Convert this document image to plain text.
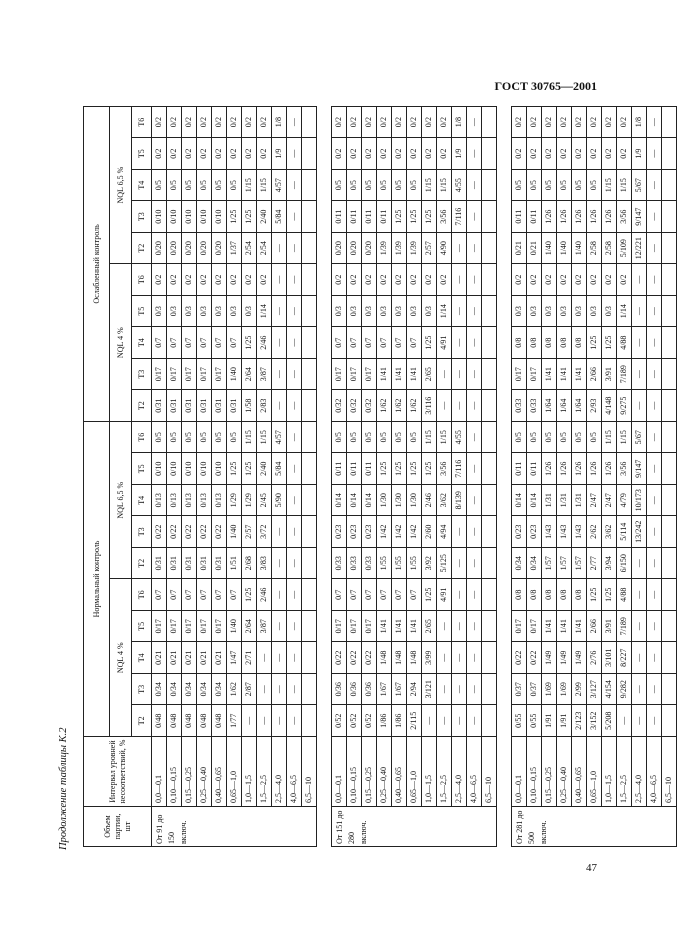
ГОСТ 30765—2001
Продолжение таблицы К.2
47
Объем партии, шт	Интервал уровней несоответствий, %	Нормальный контроль										Ослабленный контроль									
		NQL 4 %					NQL 6,5 %					NQL 4 %					NQL 6,5 %				
		T2	T3	T4	T5	T6	T2	T3	T4	T5	T6	T2	T3	T4	T5	T6	T2	T3	T4	T5	T6
От 91 до 150 включ.	0,0—0,1	0/48	0/34	0/21	0/17	0/7	0/31	0/22	0/13	0/10	0/5	0/31	0/17	0/7	0/3	0/2	0/20	0/10	0/5	0/2	0/2
	0,10—0,15	0/48	0/34	0/21	0/17	0/7	0/31	0/22	0/13	0/10	0/5	0/31	0/17	0/7	0/3	0/2	0/20	0/10	0/5	0/2	0/2
	0,15—0,25	0/48	0/34	0/21	0/17	0/7	0/31	0/22	0/13	0/10	0/5	0/31	0/17	0/7	0/3	0/2	0/20	0/10	0/5	0/2	0/2
	0,25—0,40	0/48	0/34	0/21	0/17	0/7	0/31	0/22	0/13	0/10	0/5	0/31	0/17	0/7	0/3	0/2	0/20	0/10	0/5	0/2	0/2
	0,40—0,65	0/48	0/34	0/21	0/17	0/7	0/31	0/22	0/13	0/10	0/5	0/31	0/17	0/7	0/3	0/2	0/20	0/10	0/5	0/2	0/2
	0,65—1,0	1/77	1/62	1/47	1/40	0/7	1/51	1/40	1/29	1/25	0/5	0/31	1/40	0/7	0/3	0/2	1/37	1/25	0/5	0/2	0/2
	1,0—1,5	—	2/87	2/71	2/64	1/25	2/68	2/57	1/29	1/25	1/15	1/58	2/64	1/25	0/3	0/2	2/54	1/25	1/15	0/2	0/2
	1,5—2,5	—	—	—	3/87	2/46	3/83	3/72	2/45	2/40	1/15	2/83	3/87	2/46	1/14	0/2	2/54	2/40	1/15	0/2	0/2
	2,5—4,0	—	—	—	—	—	—	—	5/90	5/84	4/57	—	—	—	—	—	—	5/84	4/57	1/9	1/8
	4,0—6,5	—	—	—	—	—	—	—	—	—	—	—	—	—	—	—	—	—	—	—	—
	6,5—10																				

От 151 до 280 включ.	0,0—0,1	0/52	0/36	0/22	0/17	0/7	0/33	0/23	0/14	0/11	0/5	0/32	0/17	0/7	0/3	0/2	0/20	0/11	0/5	0/2	0/2
	0,10—0,15	0/52	0/36	0/22	0/17	0/7	0/33	0/23	0/14	0/11	0/5	0/32	0/17	0/7	0/3	0/2	0/20	0/11	0/5	0/2	0/2
	0,15—0,25	0/52	0/36	0/22	0/17	0/7	0/33	0/23	0/14	0/11	0/5	0/32	0/17	0/7	0/3	0/2	0/20	0/11	0/5	0/2	0/2
	0,25—0,40	1/86	1/67	1/48	1/41	0/7	1/55	1/42	1/30	1/25	0/5	1/62	1/41	0/7	0/3	0/2	1/39	0/11	0/5	0/2	0/2
	0,40—0,65	1/86	1/67	1/48	1/41	0/7	1/55	1/42	1/30	1/25	0/5	1/62	1/41	0/7	0/3	0/2	1/39	1/25	0/5	0/2	0/2
	0,65—1,0	2/115	2/94	1/48	1/41	0/7	1/55	1/42	1/30	1/25	0/5	1/62	1/41	0/7	0/3	0/2	1/39	1/25	0/5	0/2	0/2
	1,0—1,5	—	3/121	3/99	2/65	1/25	3/92	2/60	2/46	1/25	1/15	3/116	2/65	1/25	0/3	0/2	2/57	1/25	1/15	0/2	0/2
	1,5—2,5	—	—	—	—	4/91	5/125	4/94	3/62	3/56	1/15	—	—	4/91	1/14	0/2	4/90	3/56	1/15	0/2	0/2
	2,5—4,0	—	—	—	—	—	—	—	8/139	7/116	4/55	—	—	—	—	—	—	7/116	4/55	1/9	1/8
	4,0—6,5	—	—	—	—	—	—	—	—	—	—	—	—	—	—	—	—	—	—	—	—
	6,5—10																				

От 281 до 500 включ.	0,0—0,1	0/55	0/37	0/22	0/17	0/8	0/34	0/23	0/14	0/11	0/5	0/33	0/17	0/8	0/3	0/2	0/21	0/11	0/5	0/2	0/2
	0,10—0,15	0/55	0/37	0/22	0/17	0/8	0/34	0/23	0/14	0/11	0/5	0/33	0/17	0/8	0/3	0/2	0/21	0/11	0/5	0/2	0/2
	0,15—0,25	1/91	1/69	1/49	1/41	0/8	1/57	1/43	1/31	1/26	0/5	1/64	1/41	0/8	0/3	0/2	1/40	1/26	0/5	0/2	0/2
	0,25—0,40	1/91	1/69	1/49	1/41	0/8	1/57	1/43	1/31	1/26	0/5	1/64	1/41	0/8	0/3	0/2	1/40	1/26	0/5	0/2	0/2
	0,40—0,65	2/123	2/99	1/49	1/41	0/8	1/57	1/43	1/31	1/26	0/5	1/64	1/41	0/8	0/3	0/2	1/40	1/26	0/5	0/2	0/2
	0,65—1,0	3/152	3/127	2/76	2/66	1/25	2/77	2/62	2/47	1/26	0/5	2/93	2/66	1/25	0/3	0/2	2/58	1/26	0/5	0/2	0/2
	1,0—1,5	5/208	4/154	3/101	3/91	1/25	3/94	3/62	2/47	1/26	1/15	4/148	3/91	1/25	0/3	0/2	2/58	1/26	1/15	0/2	0/2
	1,5—2,5	—	9/282	8/227	7/189	4/88	6/150	5/114	4/79	3/56	1/15	9/275	7/189	4/88	1/14	0/2	5/109	3/56	1/15	0/2	0/2
	2,5—4,0	—	—	—	—	—	—	13/242	10/173	9/147	5/67	—	—	—	—	—	12/221	9/147	5/67	1/9	1/8
	4,0—6,5	—	—	—	—	—	—	—	—	—	—	—	—	—	—	—	—	—	—	—	—
	6,5—10																				
